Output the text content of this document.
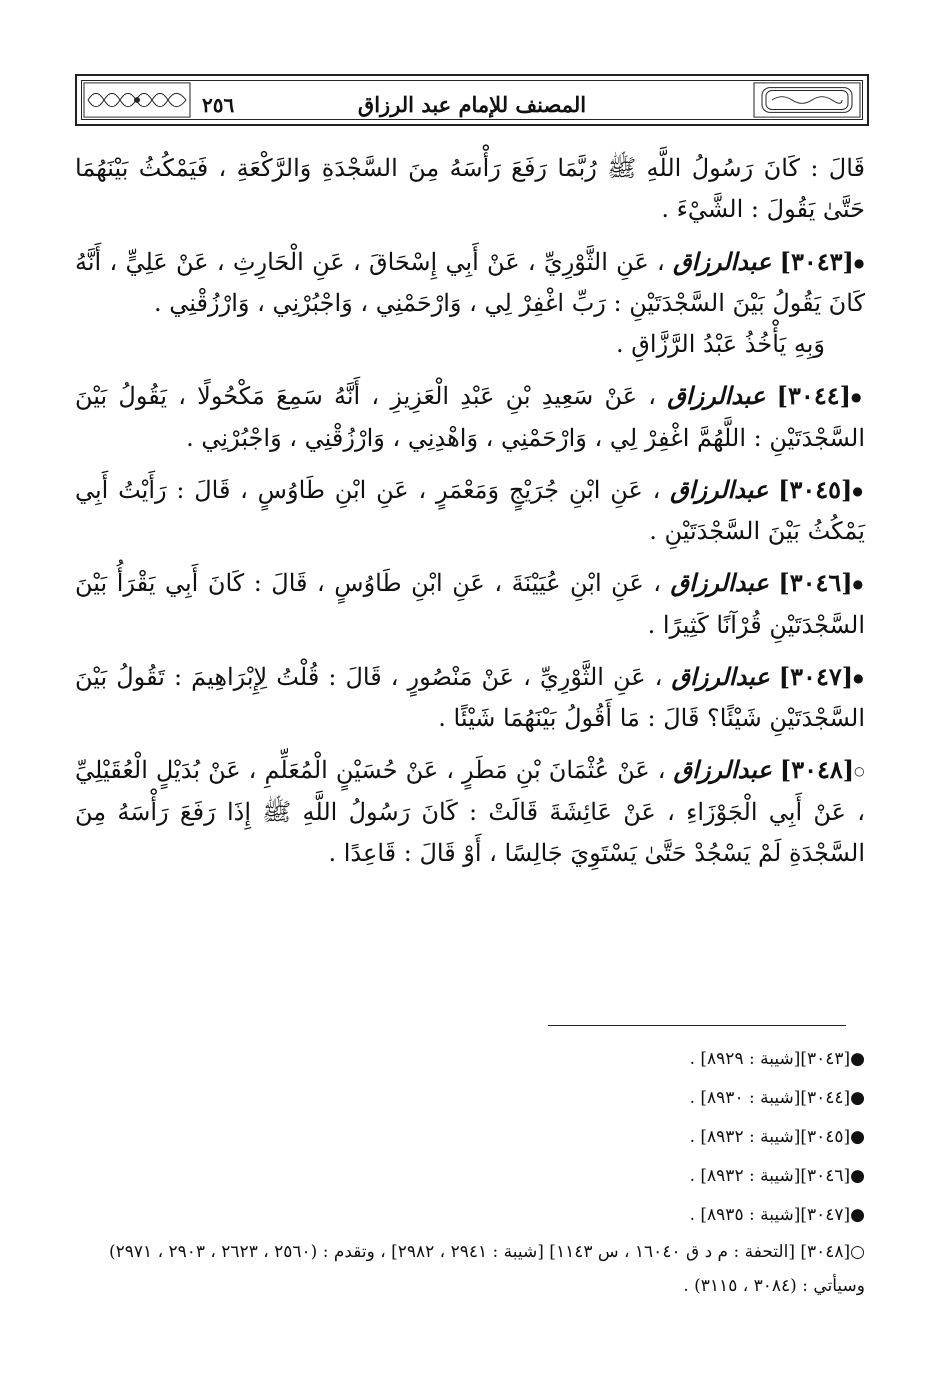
المصنف للإمام عبد الرزاق
٢٥٦
قَالَ : كَانَ رَسُولُ اللَّهِ ﷺ رُبَّمَا رَفَعَ رَأْسَهُ مِنَ السَّجْدَةِ وَالرَّكْعَةِ ، فَيَمْكُثُ بَيْنَهُمَا حَتَّىٰ يَقُولَ : الشَّيْءَ .
●[٣٠٤٣] عبدالرزاق ، عَنِ الثَّوْرِيِّ ، عَنْ أَبِي إِسْحَاقَ ، عَنِ الْحَارِثِ ، عَنْ عَلِيٍّ ، أَنَّهُ كَانَ يَقُولُ بَيْنَ السَّجْدَتَيْنِ : رَبِّ اغْفِرْ لِي ، وَارْحَمْنِي ، وَاجْبُرْنِي ، وَارْزُقْنِي .
وَبِهِ يَأْخُذُ عَبْدُ الرَّزَّاقِ .
●[٣٠٤٤] عبدالرزاق ، عَنْ سَعِيدِ بْنِ عَبْدِ الْعَزِيزِ ، أَنَّهُ سَمِعَ مَكْحُولًا ، يَقُولُ بَيْنَ السَّجْدَتَيْنِ : اللَّهُمَّ اغْفِرْ لِي ، وَارْحَمْنِي ، وَاهْدِنِي ، وَارْزُقْنِي ، وَاجْبُرْنِي .
●[٣٠٤٥] عبدالرزاق ، عَنِ ابْنِ جُرَيْجٍ وَمَعْمَرٍ ، عَنِ ابْنِ طَاوُسٍ ، قَالَ : رَأَيْتُ أَبِي يَمْكُثُ بَيْنَ السَّجْدَتَيْنِ .
●[٣٠٤٦] عبدالرزاق ، عَنِ ابْنِ عُيَيْنَةَ ، عَنِ ابْنِ طَاوُسٍ ، قَالَ : كَانَ أَبِي يَقْرَأُ بَيْنَ السَّجْدَتَيْنِ قُرْآنًا كَثِيرًا .
●[٣٠٤٧] عبدالرزاق ، عَنِ الثَّوْرِيِّ ، عَنْ مَنْصُورٍ ، قَالَ : قُلْتُ لِإِبْرَاهِيمَ : تَقُولُ بَيْنَ السَّجْدَتَيْنِ شَيْئًا؟ قَالَ : مَا أَقُولُ بَيْنَهُمَا شَيْئًا .
○[٣٠٤٨] عبدالرزاق ، عَنْ عُثْمَانَ بْنِ مَطَرٍ ، عَنْ حُسَيْنٍ الْمُعَلِّمِ ، عَنْ بُدَيْلٍ الْعُقَيْلِيِّ ، عَنْ أَبِي الْجَوْزَاءِ ، عَنْ عَائِشَةَ قَالَتْ : كَانَ رَسُولُ اللَّهِ ﷺ إِذَا رَفَعَ رَأْسَهُ مِنَ السَّجْدَةِ لَمْ يَسْجُدْ حَتَّىٰ يَسْتَوِيَ جَالِسًا ، أَوْ قَالَ : قَاعِدًا .
●[٣٠٤٣][شيبة : ٨٩٢٩] .
●[٣٠٤٤][شيبة : ٨٩٣٠] .
●[٣٠٤٥][شيبة : ٨٩٣٢] .
●[٣٠٤٦][شيبة : ٨٩٣٢] .
●[٣٠٤٧][شيبة : ٨٩٣٥] .
○[٣٠٤٨] [التحفة : م د ق ١٦٠٤٠ ، س ١١٤٣] [شيبة : ٢٩٤١ ، ٢٩٨٢] ، وتقدم : (٢٥٦٠ ، ٢٦٢٣ ، ٢٩٠٣ ، ٢٩٧١) وسيأتي : (٣٠٨٤ ، ٣١١٥) .
